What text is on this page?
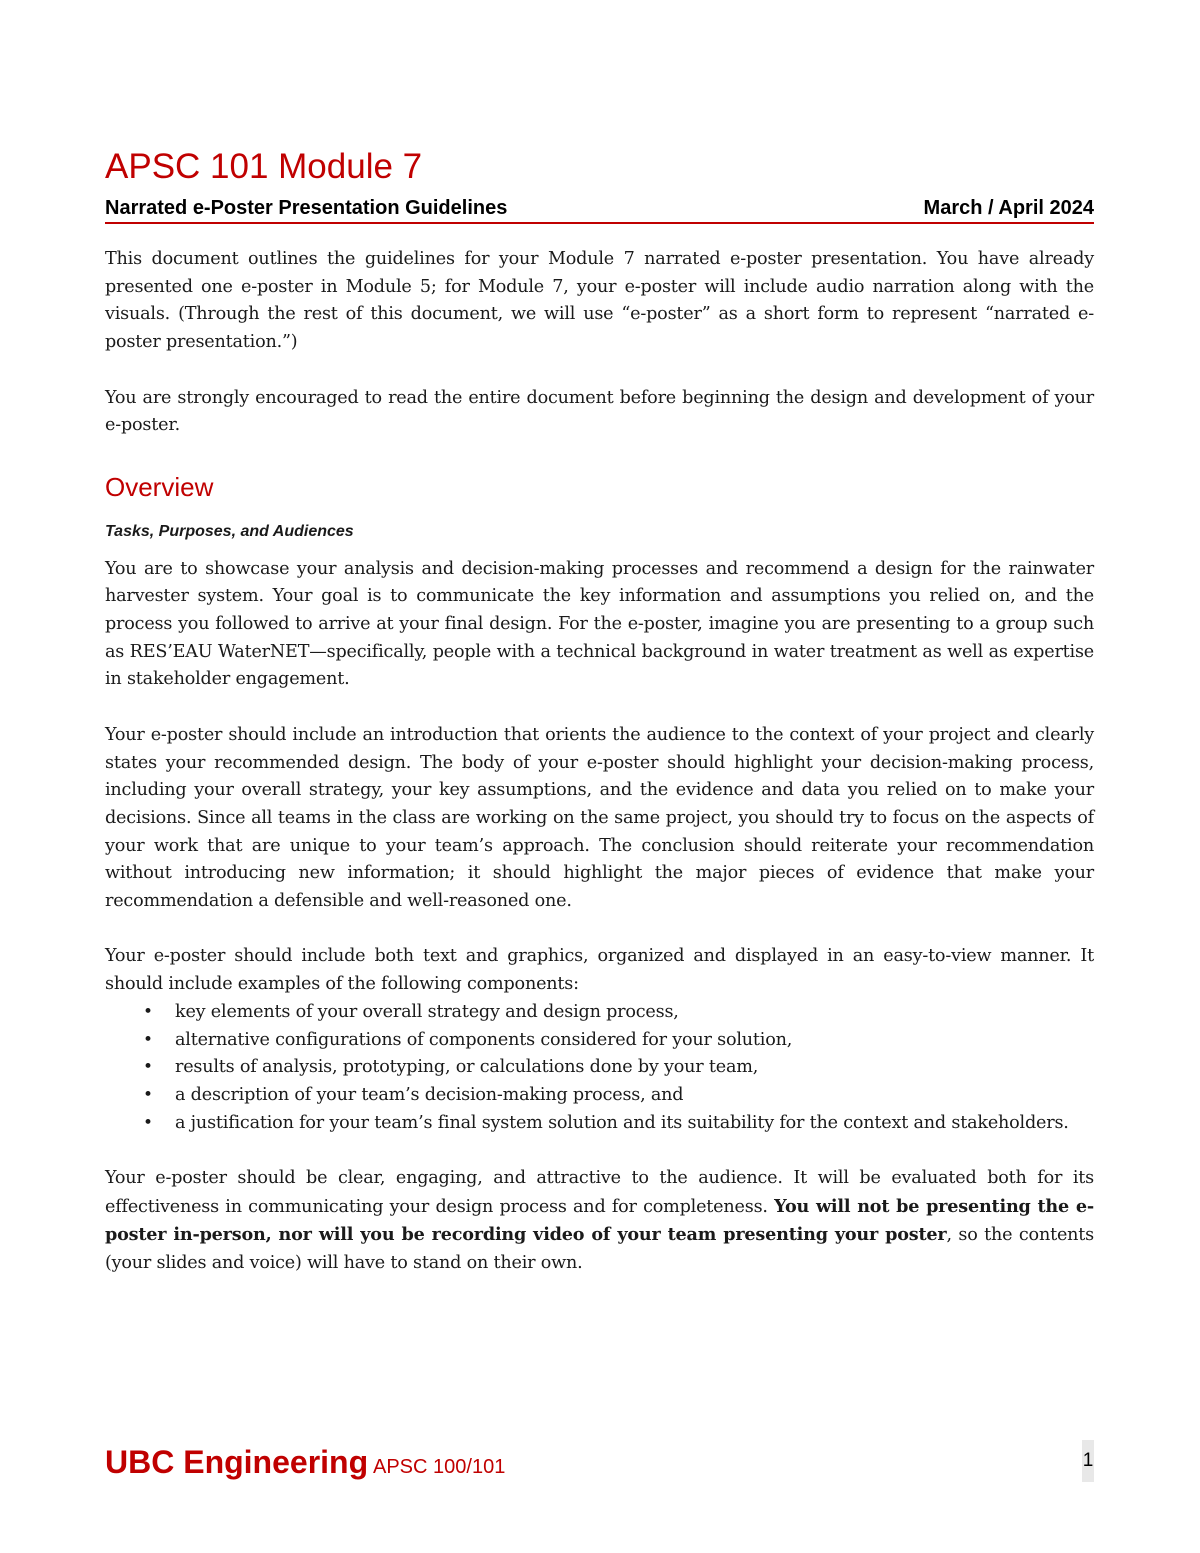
APSC 101 Module 7
Narrated e-Poster Presentation Guidelines	March / April 2024

This document outlines the guidelines for your Module 7 narrated e-poster presentation. You have already presented one e-poster in Module 5; for Module 7, your e-poster will include audio narration along with the visuals. (Through the rest of this document, we will use “e-poster” as a short form to represent “narrated e-poster presentation.”)

You are strongly encouraged to read the entire document before beginning the design and development of your e-poster.

Overview
Tasks, Purposes, and Audiences

You are to showcase your analysis and decision-making processes and recommend a design for the rainwater harvester system. Your goal is to communicate the key information and assumptions you relied on, and the process you followed to arrive at your final design. For the e-poster, imagine you are presenting to a group such as RES’EAU WaterNET—specifically, people with a technical background in water treatment as well as expertise in stakeholder engagement.

Your e-poster should include an introduction that orients the audience to the context of your project and clearly states your recommended design. The body of your e-poster should highlight your decision-making process, including your overall strategy, your key assumptions, and the evidence and data you relied on to make your decisions. Since all teams in the class are working on the same project, you should try to focus on the aspects of your work that are unique to your team’s approach. The conclusion should reiterate your recommendation without introducing new information; it should highlight the major pieces of evidence that make your recommendation a defensible and well-reasoned one.

Your e-poster should include both text and graphics, organized and displayed in an easy-to-view manner. It should include examples of the following components:

• key elements of your overall strategy and design process,
• alternative configurations of components considered for your solution,
• results of analysis, prototyping, or calculations done by your team,
• a description of your team’s decision-making process, and
• a justification for your team’s final system solution and its suitability for the context and stakeholders.

Your e-poster should be clear, engaging, and attractive to the audience. It will be evaluated both for its effectiveness in communicating your design process and for completeness. You will not be presenting the e-poster in-person, nor will you be recording video of your team presenting your poster, so the contents (your slides and voice) will have to stand on their own.

UBC Engineering APSC 100/101	1
